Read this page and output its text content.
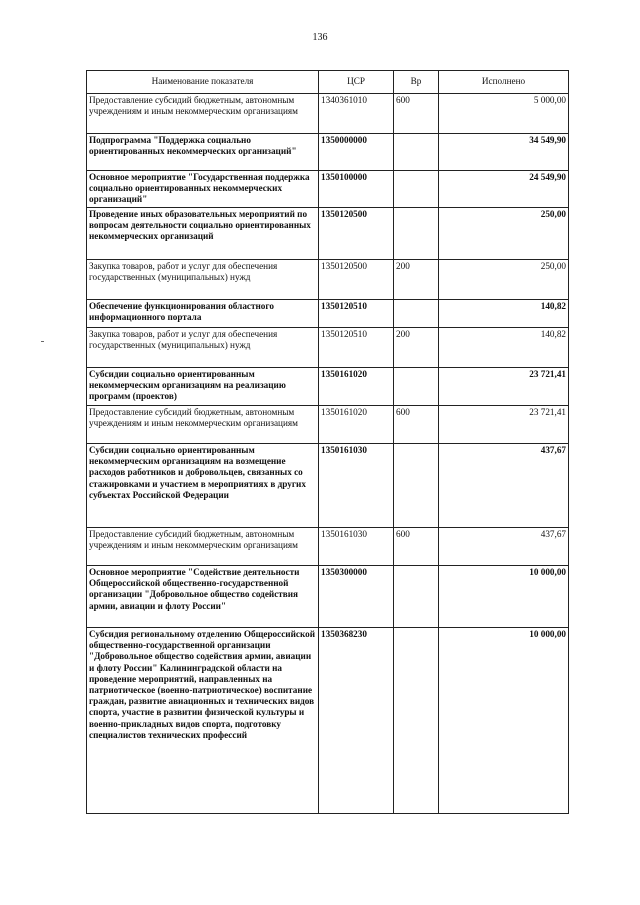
136
Наименование показателя	ЦСР	Вр	Исполнено
Предоставление субсидий бюджетным, автономным учреждениям и иным некоммерческим организациям	1340361010	600	5 000,00
Подпрограмма "Поддержка социально ориентированных некоммерческих организаций"	1350000000		34 549,90
Основное мероприятие "Государственная поддержка социально ориентированных некоммерческих организаций"	1350100000		24 549,90
Проведение иных образовательных мероприятий по вопросам деятельности социально ориентированных некоммерческих организаций	1350120500		250,00
Закупка товаров, работ и услуг для обеспечения государственных (муниципальных) нужд	1350120500	200	250,00
Обеспечение функционирования областного информационного портала	1350120510		140,82
Закупка товаров, работ и услуг для обеспечения государственных (муниципальных) нужд	1350120510	200	140,82
Субсидии социально ориентированным некоммерческим организациям на реализацию программ (проектов)	1350161020		23 721,41
Предоставление субсидий бюджетным, автономным учреждениям и иным некоммерческим организациям	1350161020	600	23 721,41
Субсидии социально ориентированным некоммерческим организациям на возмещение расходов работников и добровольцев, связанных со стажировками и участием в мероприятиях в других субъектах Российской Федерации	1350161030		437,67
Предоставление субсидий бюджетным, автономным учреждениям и иным некоммерческим организациям	1350161030	600	437,67
Основное мероприятие "Содействие деятельности Общероссийской общественно-государственной организации "Добровольное общество содействия армии, авиации и флоту России"	1350300000		10 000,00
Субсидия региональному отделению Общероссийской общественно-государственной организации "Добровольное общество содействия армии, авиации и флоту России" Калининградской области на проведение мероприятий, направленных на патриотическое (военно-патриотическое) воспитание граждан, развитие авиационных и технических видов спорта, участие в развитии физической культуры и военно-прикладных видов спорта, подготовку специалистов технических профессий	1350368230		10 000,00
